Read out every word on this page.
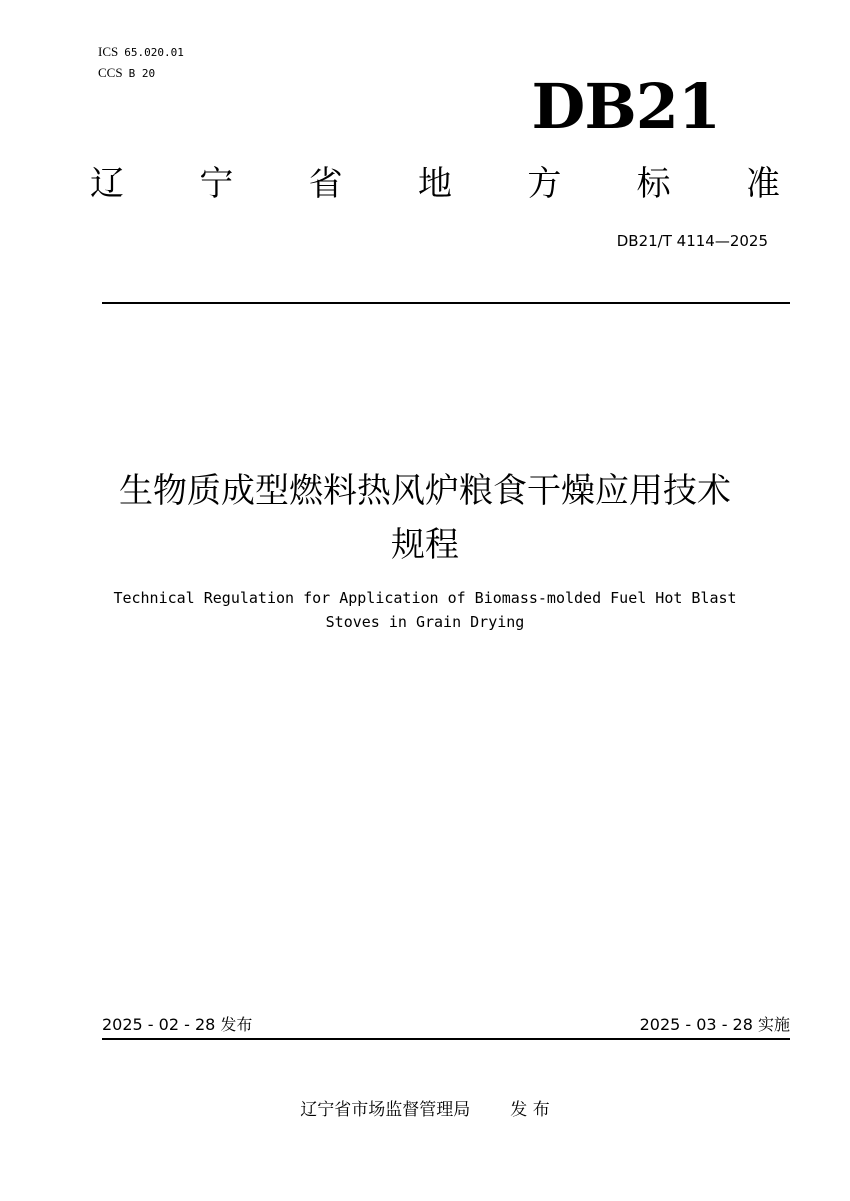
ICS 65.020.01
CCS B 20	DB21
辽 宁 省 地 方 标 准
DB21/T 4114—2025
生物质成型燃料热风炉粮食干燥应用技术
规程
Technical Regulation for Application of Biomass-molded Fuel Hot Blast
Stoves in Grain Drying
2025 - 02 - 28 发布	2025 - 03 - 28 实施
辽宁省市场监督管理局 发 布
